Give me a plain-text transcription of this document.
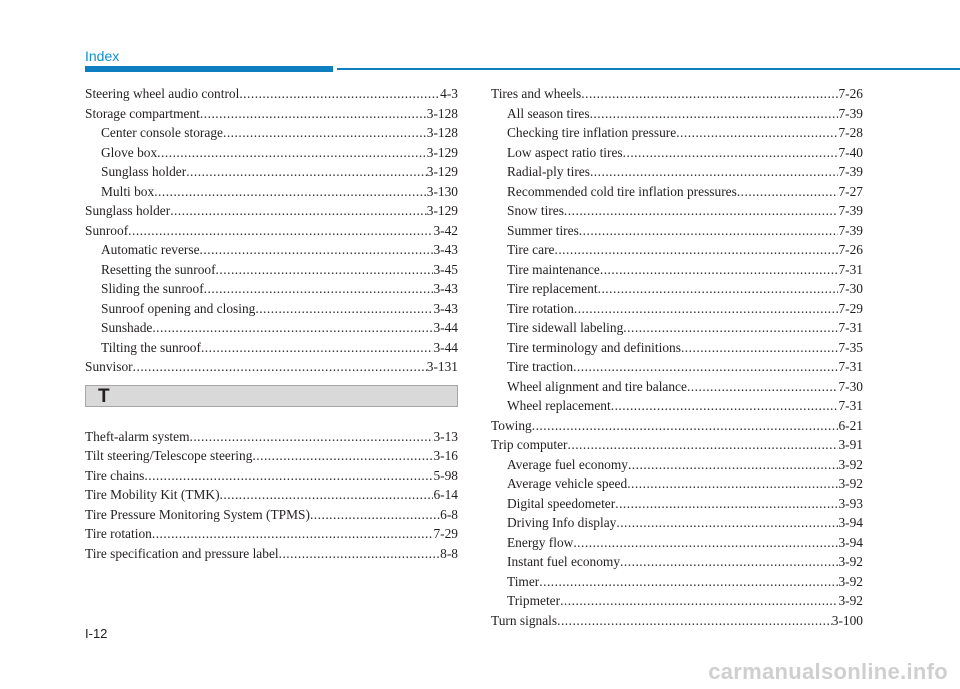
Index
Steering wheel audio control .....	4-3
Storage compartment .....	3-128
Center console storage .....	3-128
Glove box .....	3-129
Sunglass holder .....	3-129
Multi box .....	3-130
Sunglass holder .....	3-129
Sunroof .....	3-42
Automatic reverse .....	3-43
Resetting the sunroof .....	3-45
Sliding the sunroof .....	3-43
Sunroof opening and closing .....	3-43
Sunshade .....	3-44
Tilting the sunroof .....	3-44
Sunvisor .....	3-131
T
Theft-alarm system .....	3-13
Tilt steering/Telescope steering .....	3-16
Tire chains .....	5-98
Tire Mobility Kit (TMK) .....	6-14
Tire Pressure Monitoring System (TPMS) .....	6-8
Tire rotation .....	7-29
Tire specification and pressure label .....	8-8
Tires and wheels .....	7-26
All season tires .....	7-39
Checking tire inflation pressure .....	7-28
Low aspect ratio tires .....	7-40
Radial-ply tires .....	7-39
Recommended cold tire inflation pressures .....	7-27
Snow tires .....	7-39
Summer tires .....	7-39
Tire care .....	7-26
Tire maintenance .....	7-31
Tire replacement .....	7-30
Tire rotation .....	7-29
Tire sidewall labeling .....	7-31
Tire terminology and definitions .....	7-35
Tire traction .....	7-31
Wheel alignment and tire balance .....	7-30
Wheel replacement .....	7-31
Towing .....	6-21
Trip computer .....	3-91
Average fuel economy .....	3-92
Average vehicle speed .....	3-92
Digital speedometer .....	3-93
Driving Info display .....	3-94
Energy flow .....	3-94
Instant fuel economy .....	3-92
Timer .....	3-92
Tripmeter .....	3-92
Turn signals .....	3-100
I-12
carmanualsonline.info
